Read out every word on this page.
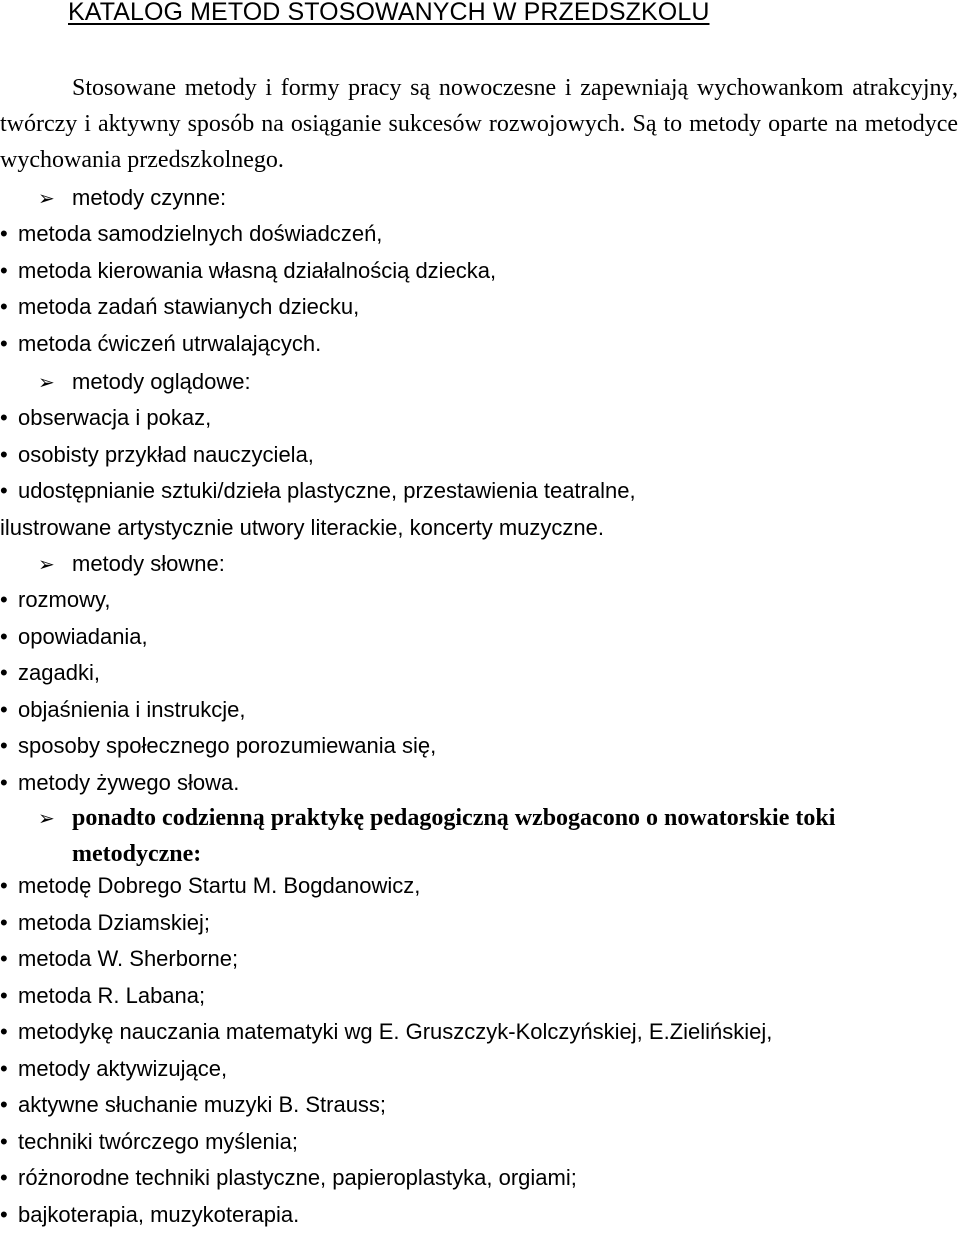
KATALOG METOD STOSOWANYCH W PRZEDSZKOLU

Stosowane metody i formy pracy są nowoczesne i zapewniają wychowankom atrakcyjny, twórczy i aktywny sposób na osiąganie sukcesów rozwojowych. Są to metody oparte na metodyce wychowania przedszkolnego.

➢ metody czynne:
• metoda samodzielnych doświadczeń,
• metoda kierowania własną działalnością dziecka,
• metoda zadań stawianych dziecku,
• metoda ćwiczeń utrwalających.
➢ metody oglądowe:
• obserwacja i pokaz,
• osobisty przykład nauczyciela,
• udostępnianie sztuki/dzieła plastyczne, przestawienia teatralne,
ilustrowane artystycznie utwory literackie, koncerty muzyczne.
➢ metody słowne:
• rozmowy,
• opowiadania,
• zagadki,
• objaśnienia i instrukcje,
• sposoby społecznego porozumiewania się,
• metody żywego słowa.
➢ ponadto codzienną praktykę pedagogiczną wzbogacono o nowatorskie toki metodyczne:
• metodę Dobrego Startu M. Bogdanowicz,
• metoda Dziamskiej;
• metoda W. Sherborne;
• metoda R. Labana;
• metodykę nauczania matematyki wg E. Gruszczyk-Kolczyńskiej, E.Zielińskiej,
• metody aktywizujące,
• aktywne słuchanie muzyki B. Strauss;
• techniki twórczego myślenia;
• różnorodne techniki plastyczne, papieroplastyka, orgiami;
• bajkoterapia, muzykoterapia.
